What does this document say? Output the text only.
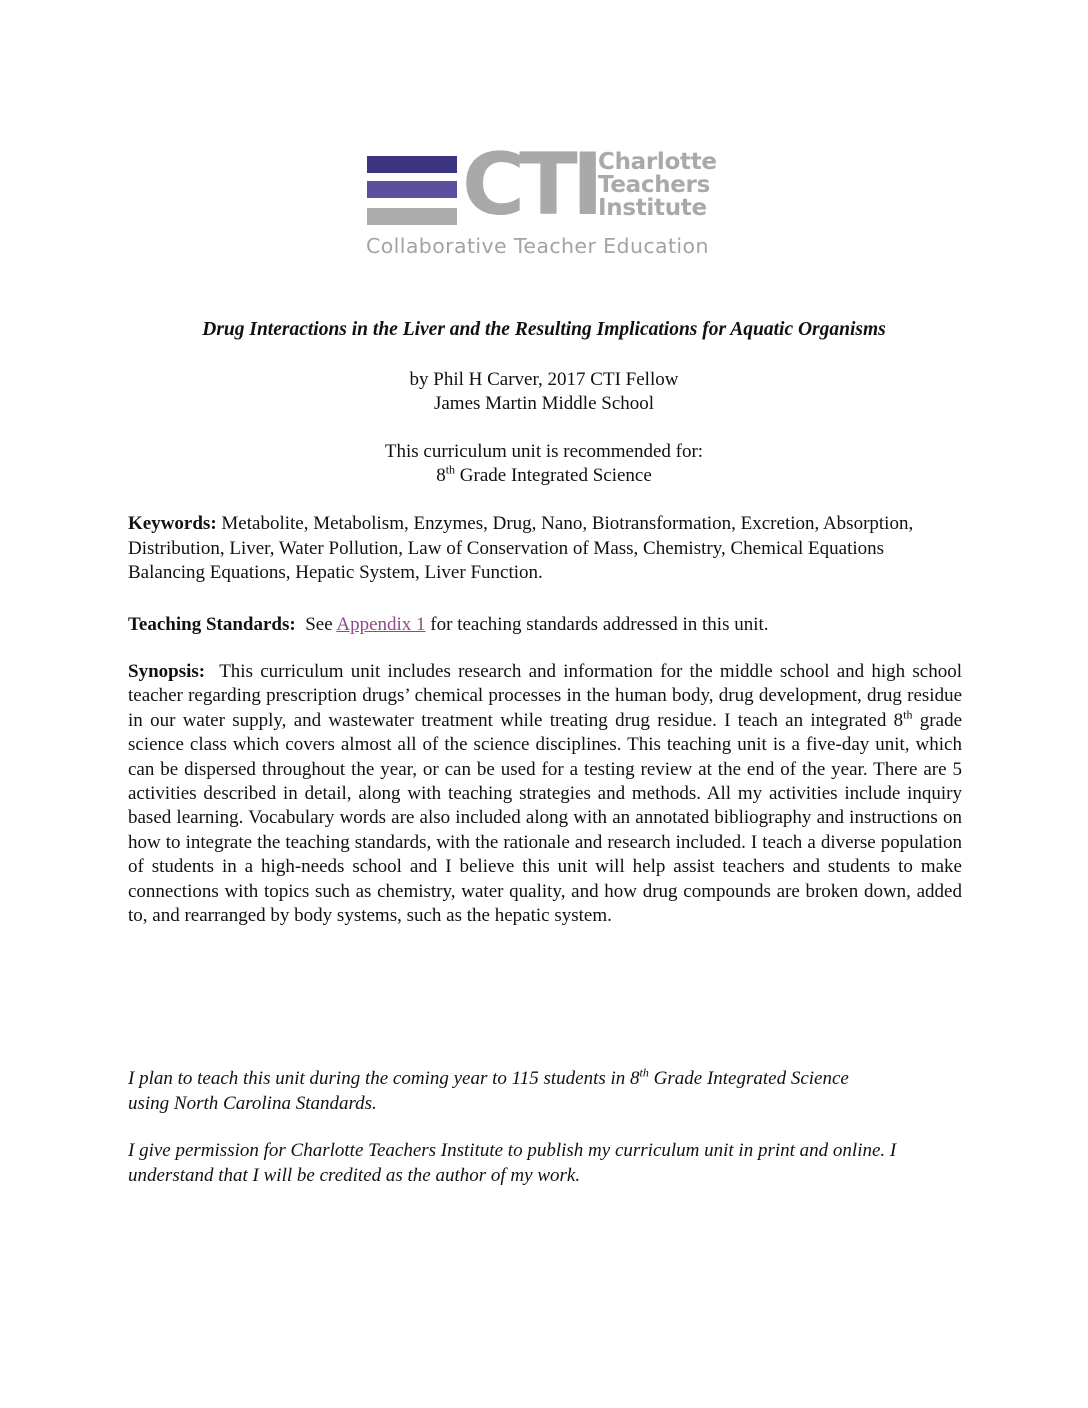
CTI Charlotte
Teachers
Institute
Collaborative Teacher Education
Drug Interactions in the Liver and the Resulting Implications for Aquatic Organisms
by Phil H Carver, 2017 CTI Fellow
James Martin Middle School
This curriculum unit is recommended for:
8th Grade Integrated Science
Keywords: Metabolite, Metabolism, Enzymes, Drug, Nano, Biotransformation, Excretion, Absorption, Distribution, Liver, Water Pollution, Law of Conservation of Mass, Chemistry, Chemical Equations Balancing Equations, Hepatic System, Liver Function.
Teaching Standards:  See Appendix 1 for teaching standards addressed in this unit.
Synopsis:  This curriculum unit includes research and information for the middle school and high school teacher regarding prescription drugs’ chemical processes in the human body, drug development, drug residue in our water supply, and wastewater treatment while treating drug residue. I teach an integrated 8th grade science class which covers almost all of the science disciplines. This teaching unit is a five-day unit, which can be dispersed throughout the year, or can be used for a testing review at the end of the year. There are 5 activities described in detail, along with teaching strategies and methods. All my activities include inquiry based learning. Vocabulary words are also included along with an annotated bibliography and instructions on how to integrate the teaching standards, with the rationale and research included. I teach a diverse population of students in a high-needs school and I believe this unit will help assist teachers and students to make connections with topics such as chemistry, water quality, and how drug compounds are broken down, added to, and rearranged by body systems, such as the hepatic system.
I plan to teach this unit during the coming year to 115 students in 8th Grade Integrated Science using North Carolina Standards.
I give permission for Charlotte Teachers Institute to publish my curriculum unit in print and online. I understand that I will be credited as the author of my work.
